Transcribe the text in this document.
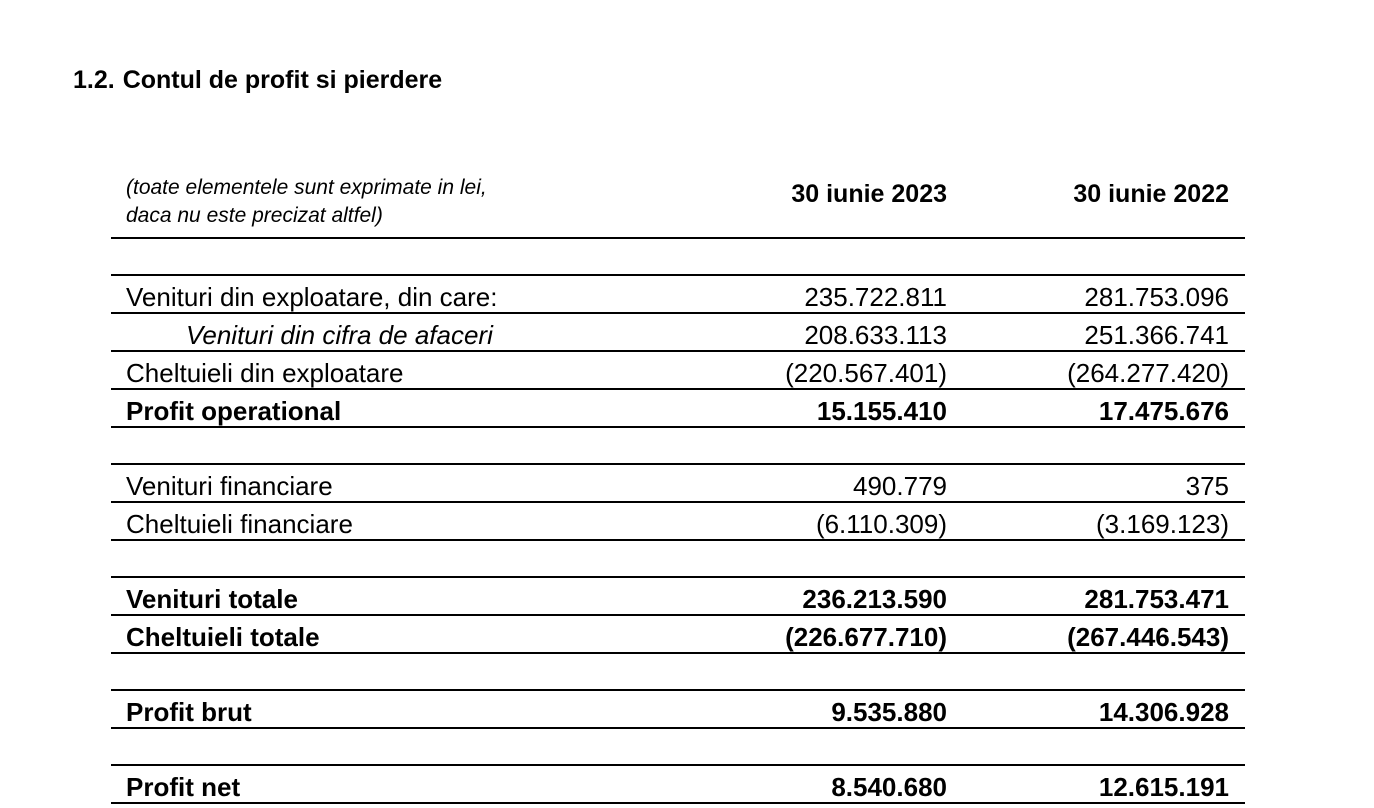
1.2. Contul de profit si pierdere
(toate elementele sunt exprimate in lei,
daca nu este precizat altfel)	30 iunie 2023	30 iunie 2022

Venituri din exploatare, din care:	235.722.811	281.753.096
Venituri din cifra de afaceri	208.633.113	251.366.741
Cheltuieli din exploatare	(220.567.401)	(264.277.420)
Profit operational	15.155.410	17.475.676

Venituri financiare	490.779	375
Cheltuieli financiare	(6.110.309)	(3.169.123)

Venituri totale	236.213.590	281.753.471
Cheltuieli totale	(226.677.710)	(267.446.543)

Profit brut	9.535.880	14.306.928

Profit net	8.540.680	12.615.191
